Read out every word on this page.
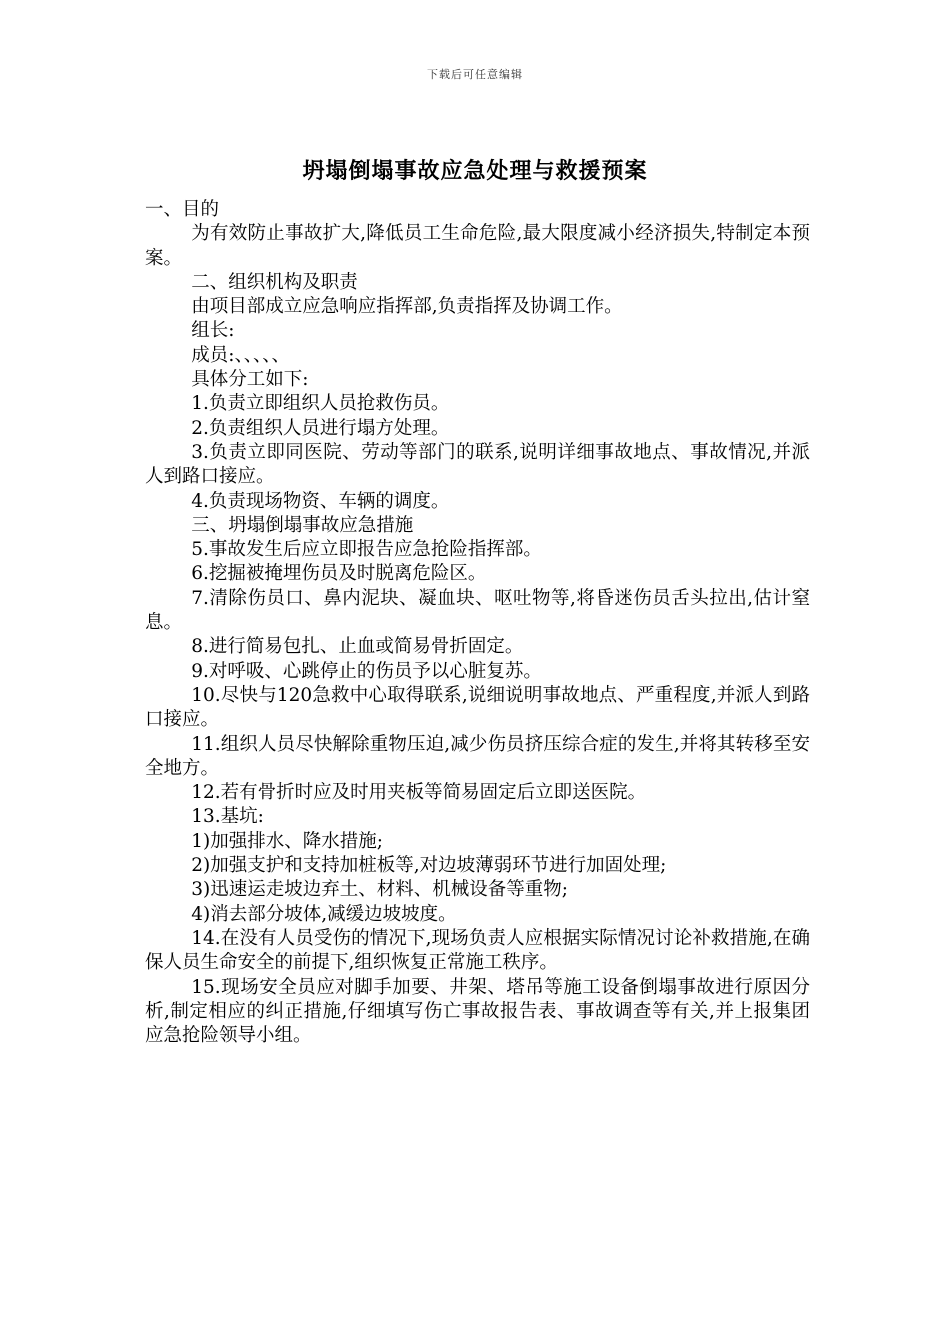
下载后可任意编辑
坍塌倒塌事故应急处理与救援预案

一、目的

为有效防止事故扩大,降低员工生命危险,最大限度减小经济损失,特制定本预案。

二、组织机构及职责

由项目部成立应急响应指挥部,负责指挥及协调工作。

组长:

成员:、、、、、

具体分工如下:

1.负责立即组织人员抢救伤员。

2.负责组织人员进行塌方处理。

3.负责立即同医院、劳动等部门的联系,说明详细事故地点、事故情况,并派人到路口接应。

4.负责现场物资、车辆的调度。

三、坍塌倒塌事故应急措施

5.事故发生后应立即报告应急抢险指挥部。

6.挖掘被掩埋伤员及时脱离危险区。

7.清除伤员口、鼻内泥块、凝血块、呕吐物等,将昏迷伤员舌头拉出,估计窒息。

8.进行简易包扎、止血或简易骨折固定。

9.对呼吸、心跳停止的伤员予以心脏复苏。

10.尽快与120急救中心取得联系,说细说明事故地点、严重程度,并派人到路口接应。

11.组织人员尽快解除重物压迫,减少伤员挤压综合症的发生,并将其转移至安全地方。

12.若有骨折时应及时用夹板等简易固定后立即送医院。

13.基坑:

1)加强排水、降水措施;

2)加强支护和支持加桩板等,对边坡薄弱环节进行加固处理;

3)迅速运走坡边弃土、材料、机械设备等重物;

4)消去部分坡体,减缓边坡坡度。

14.在没有人员受伤的情况下,现场负责人应根据实际情况讨论补救措施,在确保人员生命安全的前提下,组织恢复正常施工秩序。

15.现场安全员应对脚手加要、井架、塔吊等施工设备倒塌事故进行原因分析,制定相应的纠正措施,仔细填写伤亡事故报告表、事故调查等有关,并上报集团应急抢险领导小组。
